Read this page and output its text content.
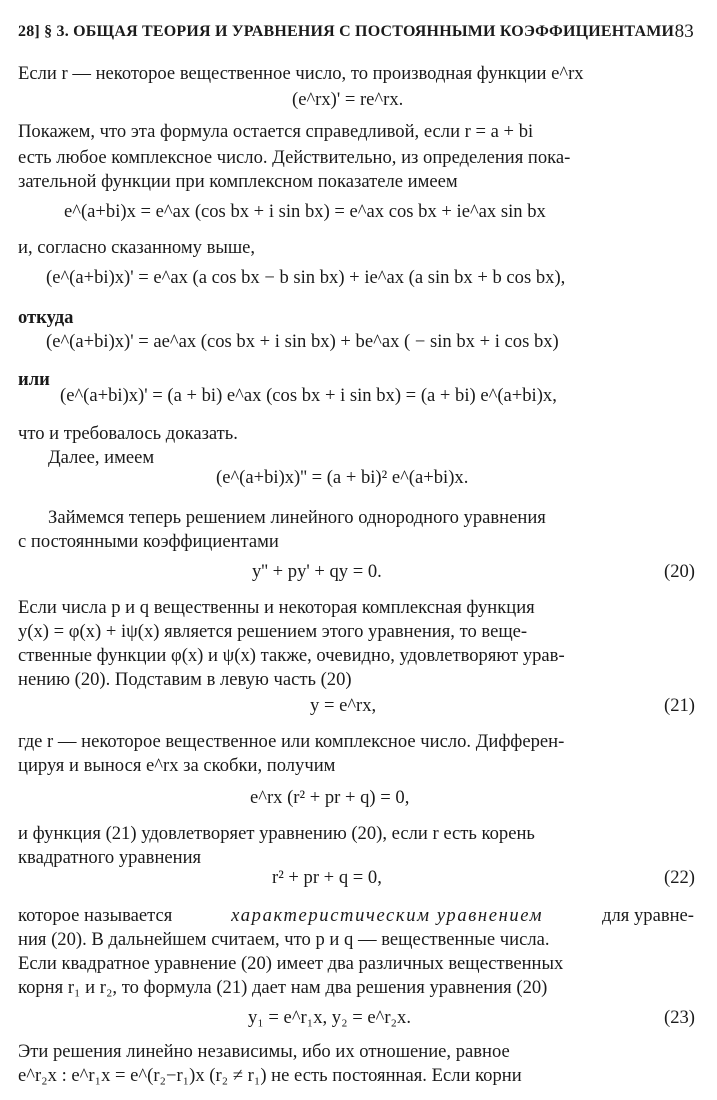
28] § 3. ОБЩАЯ ТЕОРИЯ И УРАВНЕНИЯ С ПОСТОЯННЫМИ КОЭФФИЦИЕНТАМИ 83
Если r — некоторое вещественное число, то производная функции e^rx
(e^rx)' = re^rx.
Покажем, что эта формула остается справедливой, если r = a + bi
есть любое комплексное число. Действительно, из определения пока-
зательной функции при комплексном показателе имеем
e^(a+bi)x = e^ax (cos bx + i sin bx) = e^ax cos bx + ie^ax sin bx
и, согласно сказанному выше,
(e^(a+bi)x)' = e^ax (a cos bx − b sin bx) + ie^ax (a sin bx + b cos bx),
откуда
(e^(a+bi)x)' = ae^ax (cos bx + i sin bx) + be^ax ( − sin bx + i cos bx)
или
(e^(a+bi)x)' = (a + bi) e^ax (cos bx + i sin bx) = (a + bi) e^(a+bi)x,
что и требовалось доказать.
Далее, имеем
(e^(a+bi)x)'' = (a + bi)² e^(a+bi)x.
Займемся теперь решением линейного однородного уравнения
с постоянными коэффициентами
y'' + py' + qy = 0.	(20)
Если числа p и q вещественны и некоторая комплексная функция
y(x) = φ(x) + iψ(x) является решением этого уравнения, то веще-
ственные функции φ(x) и ψ(x) также, очевидно, удовлетворяют урав-
нению (20). Подставим в левую часть (20)
y = e^rx,	(21)
где r — некоторое вещественное или комплексное число. Дифферен-
цируя и вынося e^rx за скобки, получим
e^rx (r² + pr + q) = 0,
и функция (21) удовлетворяет уравнению (20), если r есть корень
квадратного уравнения
r² + pr + q = 0,	(22)
которое называется	характеристическим уравнением	для уравне-
ния (20). В дальнейшем считаем, что p и q — вещественные числа.
Если квадратное уравнение (20) имеет два различных вещественных
корня r₁ и r₂, то формула (21) дает нам два решения уравнения (20)
y₁ = e^r₁x, y₂ = e^r₂x.	(23)
Эти решения линейно независимы, ибо их отношение, равное
e^r₂x : e^r₁x = e^(r₂−r₁)x (r₂ ≠ r₁) не есть постоянная. Если корни
